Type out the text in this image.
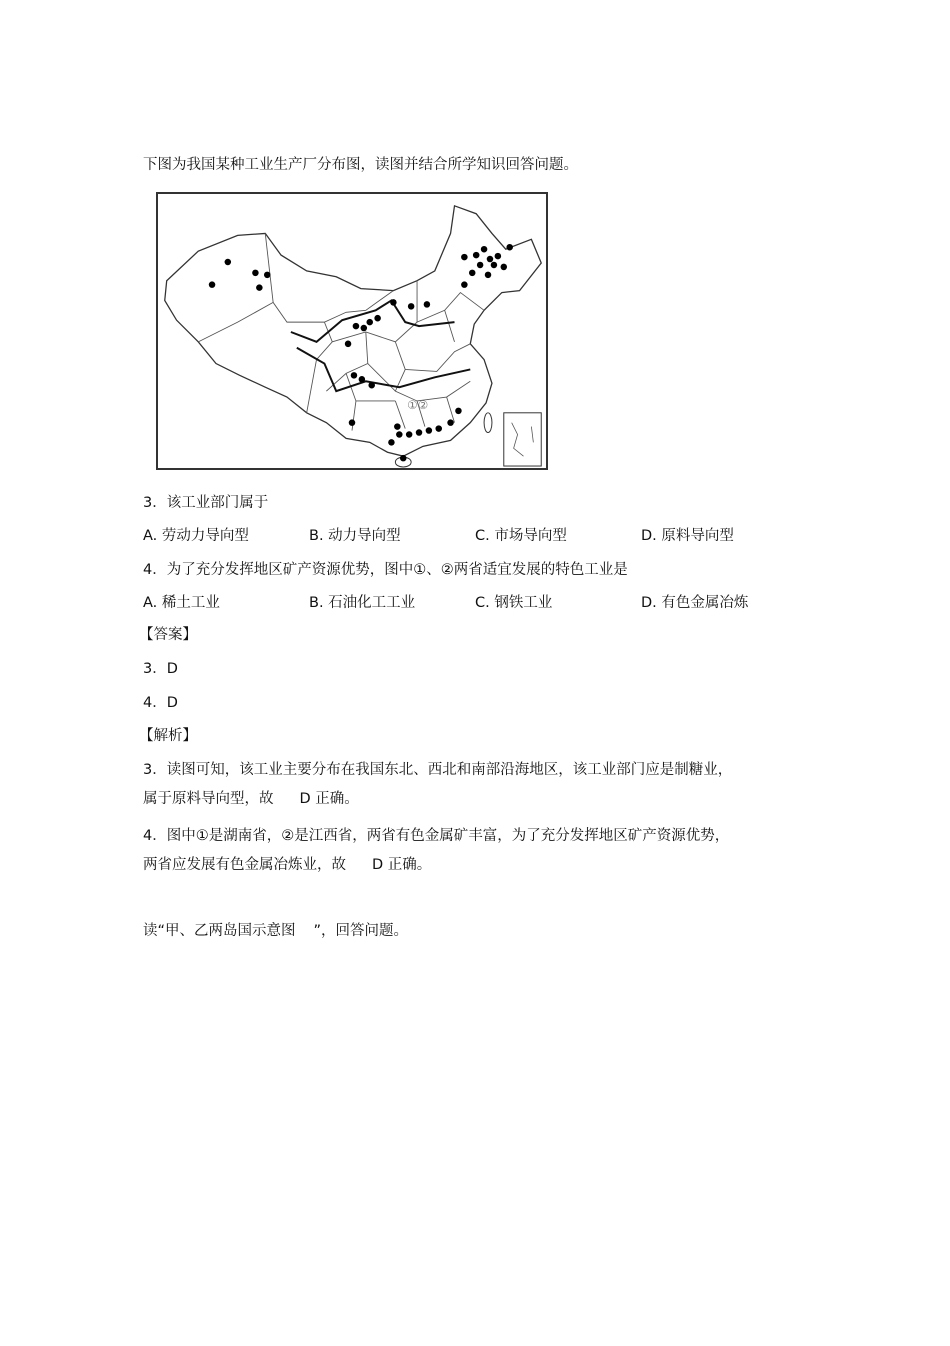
下图为我国某种工业生产厂分布图，读图并结合所学知识回答问题。
①②
3．该工业部门属于
A. 劳动力导向型	B. 动力导向型	C. 市场导向型	D. 原料导向型
4．为了充分发挥地区矿产资源优势，图中①、②两省适宜发展的特色工业是
A. 稀土工业	B. 石油化工工业	C. 钢铁工业	D. 有色金属冶炼
【答案】
3．D
4．D
【解析】
3．读图可知，该工业主要分布在我国东北、西北和南部沿海地区，该工业部门应是制糖业，
属于原料导向型，故 D 正确。
4．图中①是湖南省，②是江西省，两省有色金属矿丰富，为了充分发挥地区矿产资源优势，
两省应发展有色金属冶炼业，故 D 正确。
读“甲、乙两岛国示意图 ”，回答问题。
